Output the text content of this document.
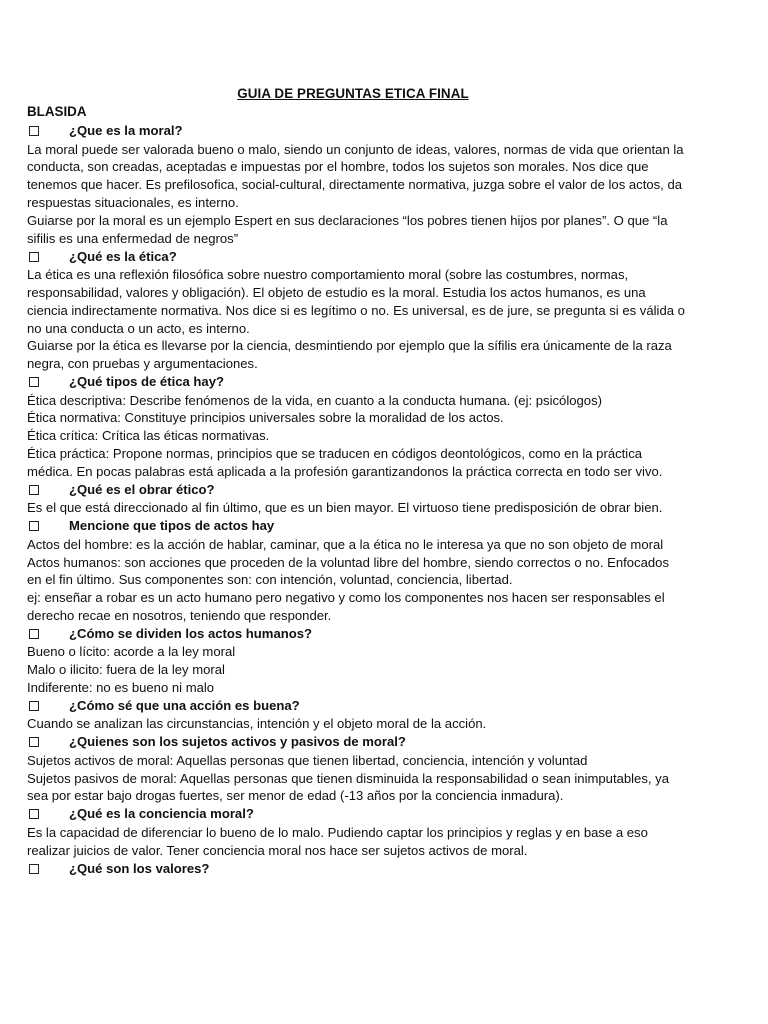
GUIA DE PREGUNTAS ETICA FINAL
BLASIDA
¿Que es la moral?

La moral puede ser valorada bueno o malo, siendo un conjunto de ideas, valores, normas de vida que orientan la conducta, son creadas, aceptadas e impuestas por el hombre, todos los sujetos son morales. Nos dice que tenemos que hacer. Es prefilosofica, social-cultural, directamente normativa, juzga sobre el valor de los actos, da respuestas situacionales, es interno.

Guiarse por la moral es un ejemplo Espert en sus declaraciones “los pobres tienen hijos por planes”. O que “la sifilis es una enfermedad de negros”

¿Qué es la ética?

La ética es una reflexión filosófica sobre nuestro comportamiento moral (sobre las costumbres, normas, responsabilidad, valores y obligación). El objeto de estudio es la moral. Estudia los actos humanos, es una ciencia indirectamente normativa. Nos dice si es legítimo o no. Es universal, es de jure, se pregunta si es válida o no una conducta o un acto, es interno.

Guiarse por la ética es llevarse por la ciencia, desmintiendo por ejemplo que la sífilis era únicamente de la raza negra, con pruebas y argumentaciones.

¿Qué tipos de ética hay?

Ética descriptiva: Describe fenómenos de la vida, en cuanto a la conducta humana. (ej: psicólogos)

Ética normativa: Constituye principios universales sobre la moralidad de los actos.

Ética crítica: Crítica las éticas normativas.

Ética práctica: Propone normas, principios que se traducen en códigos deontológicos, como en la práctica médica. En pocas palabras está aplicada a la profesión garantizandonos la práctica correcta en todo ser vivo.

¿Qué es el obrar ético?

Es el que está direccionado al fin último, que es un bien mayor. El virtuoso tiene predisposición de obrar bien.

Mencione que tipos de actos hay

Actos del hombre: es la acción de hablar, caminar, que a la ética no le interesa ya que no son objeto de moral

Actos humanos: son acciones que proceden de la voluntad libre del hombre, siendo correctos o no. Enfocados en el fin último. Sus componentes son: con intención, voluntad, conciencia, libertad.

ej: enseñar a robar es un acto humano pero negativo y como los componentes nos hacen ser responsables el derecho recae en nosotros, teniendo que responder.

¿Cómo se dividen los actos humanos?

Bueno o lícito: acorde a la ley moral

Malo o ilicito: fuera de la ley moral

Indiferente: no es bueno ni malo

¿Cómo sé que una acción es buena?

Cuando se analizan las circunstancias, intención y el objeto moral de la acción.

¿Quienes son los sujetos activos y pasivos de moral?

Sujetos activos de moral: Aquellas personas que tienen libertad, conciencia, intención y voluntad

Sujetos pasivos de moral: Aquellas personas que tienen disminuida la responsabilidad o sean inimputables, ya sea por estar bajo drogas fuertes, ser menor de edad (-13 años por la conciencia inmadura).

¿Qué es la conciencia moral?

Es la capacidad de diferenciar lo bueno de lo malo. Pudiendo captar los principios y reglas y en base a eso realizar juicios de valor. Tener conciencia moral nos hace ser sujetos activos de moral.

¿Qué son los valores?
